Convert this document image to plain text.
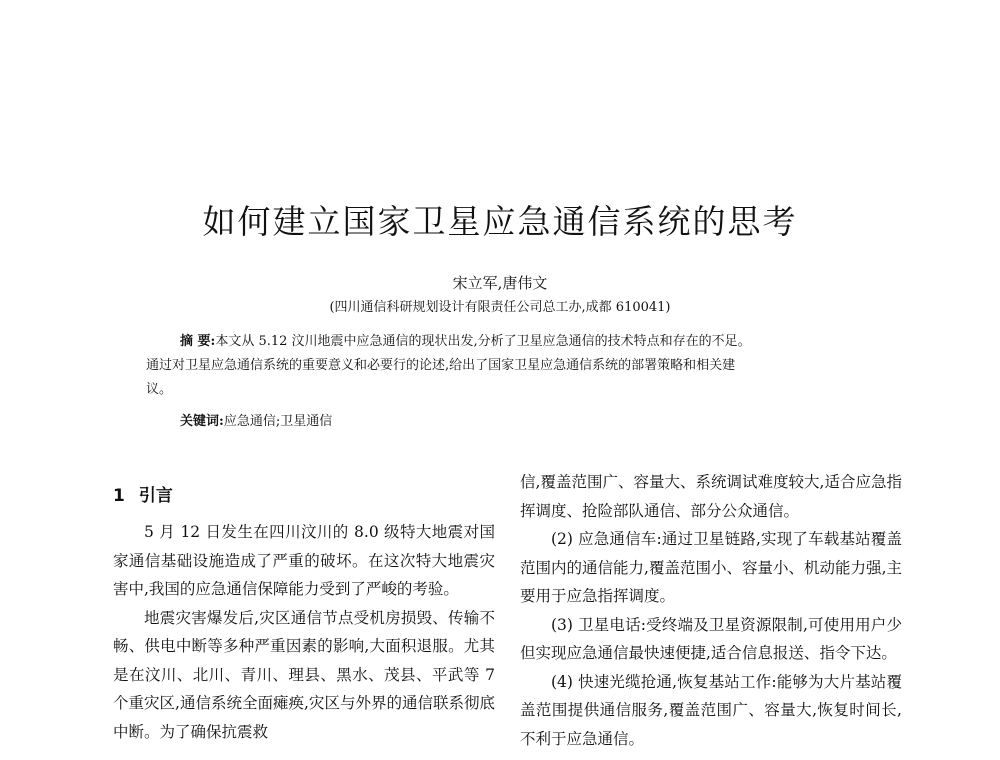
如何建立国家卫星应急通信系统的思考
宋立军,唐伟文
(四川通信科研规划设计有限责任公司总工办,成都 610041)
摘 要:本文从 5.12 汶川地震中应急通信的现状出发,分析了卫星应急通信的技术特点和存在的不足。
通过对卫星应急通信系统的重要意义和必要行的论述,给出了国家卫星应急通信系统的部署策略和相关建
议。
关键词:应急通信;卫星通信
1 引言

5 月 12 日发生在四川汶川的 8.0 级特大地震对国家通信基础设施造成了严重的破坏。在这次特大地震灾害中,我国的应急通信保障能力受到了严峻的考验。

地震灾害爆发后,灾区通信节点受机房损毁、传输不畅、供电中断等多种严重因素的影响,大面积退服。尤其是在汶川、北川、青川、理县、黑水、茂县、平武等 7 个重灾区,通信系统全面瘫痪,灾区与外界的通信联系彻底中断。为了确保抗震救

信,覆盖范围广、容量大、系统调试难度较大,适合应急指挥调度、抢险部队通信、部分公众通信。

(2) 应急通信车:通过卫星链路,实现了车载基站覆盖范围内的通信能力,覆盖范围小、容量小、机动能力强,主要用于应急指挥调度。

(3) 卫星电话:受终端及卫星资源限制,可使用用户少但实现应急通信最快速便捷,适合信息报送、指令下达。

(4) 快速光缆抢通,恢复基站工作:能够为大片基站覆盖范围提供通信服务,覆盖范围广、容量大,恢复时间长,不利于应急通信。
